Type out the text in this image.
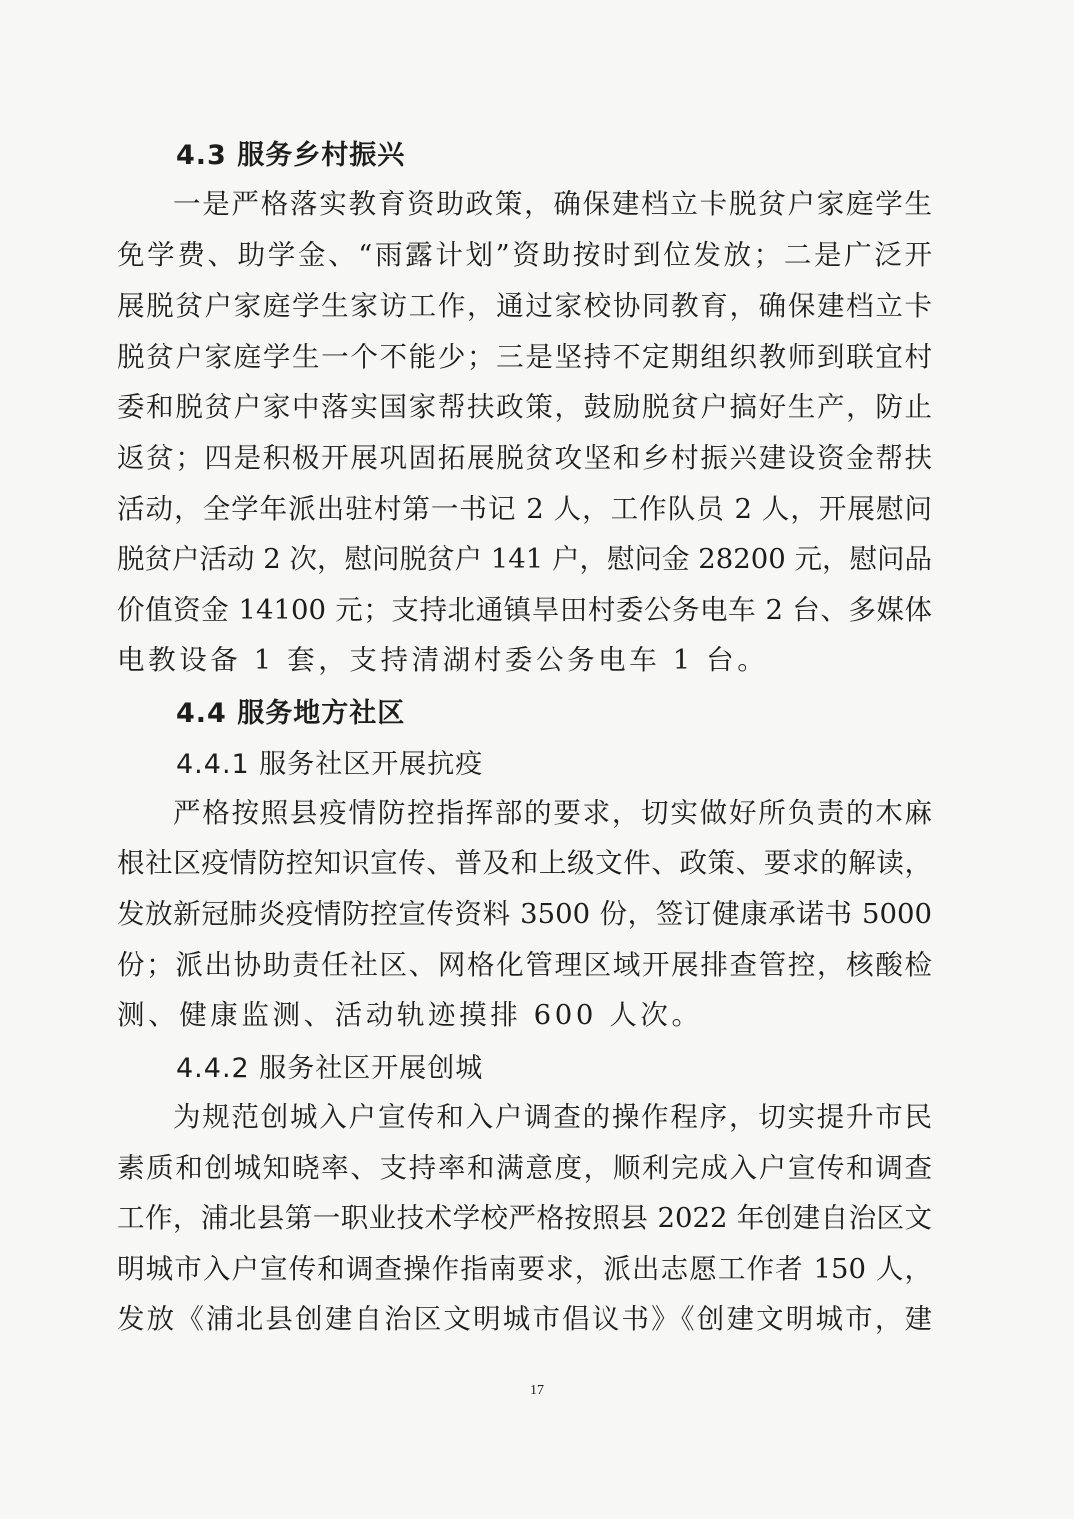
4.3 服务乡村振兴
一是严格落实教育资助政策，确保建档立卡脱贫户家庭学生
免学费、助学金、“雨露计划”资助按时到位发放；二是广泛开
展脱贫户家庭学生家访工作，通过家校协同教育，确保建档立卡
脱贫户家庭学生一个不能少；三是坚持不定期组织教师到联宜村
委和脱贫户家中落实国家帮扶政策，鼓励脱贫户搞好生产，防止
返贫；四是积极开展巩固拓展脱贫攻坚和乡村振兴建设资金帮扶
活动，全学年派出驻村第一书记 2 人，工作队员 2 人，开展慰问
脱贫户活动 2 次，慰问脱贫户 141 户，慰问金 28200 元，慰问品
价值资金 14100 元；支持北通镇旱田村委公务电车 2 台、多媒体
电教设备 1 套，支持清湖村委公务电车 1 台。
4.4 服务地方社区
4.4.1 服务社区开展抗疫
严格按照县疫情防控指挥部的要求，切实做好所负责的木麻
根社区疫情防控知识宣传、普及和上级文件、政策、要求的解读，
发放新冠肺炎疫情防控宣传资料 3500 份，签订健康承诺书 5000
份；派出协助责任社区、网格化管理区域开展排查管控，核酸检
测、健康监测、活动轨迹摸排 600 人次。
4.4.2 服务社区开展创城
为规范创城入户宣传和入户调查的操作程序，切实提升市民
素质和创城知晓率、支持率和满意度，顺利完成入户宣传和调查
工作，浦北县第一职业技术学校严格按照县 2022 年创建自治区文
明城市入户宣传和调查操作指南要求，派出志愿工作者 150 人，
发放《浦北县创建自治区文明城市倡议书》《创建文明城市，建
17
